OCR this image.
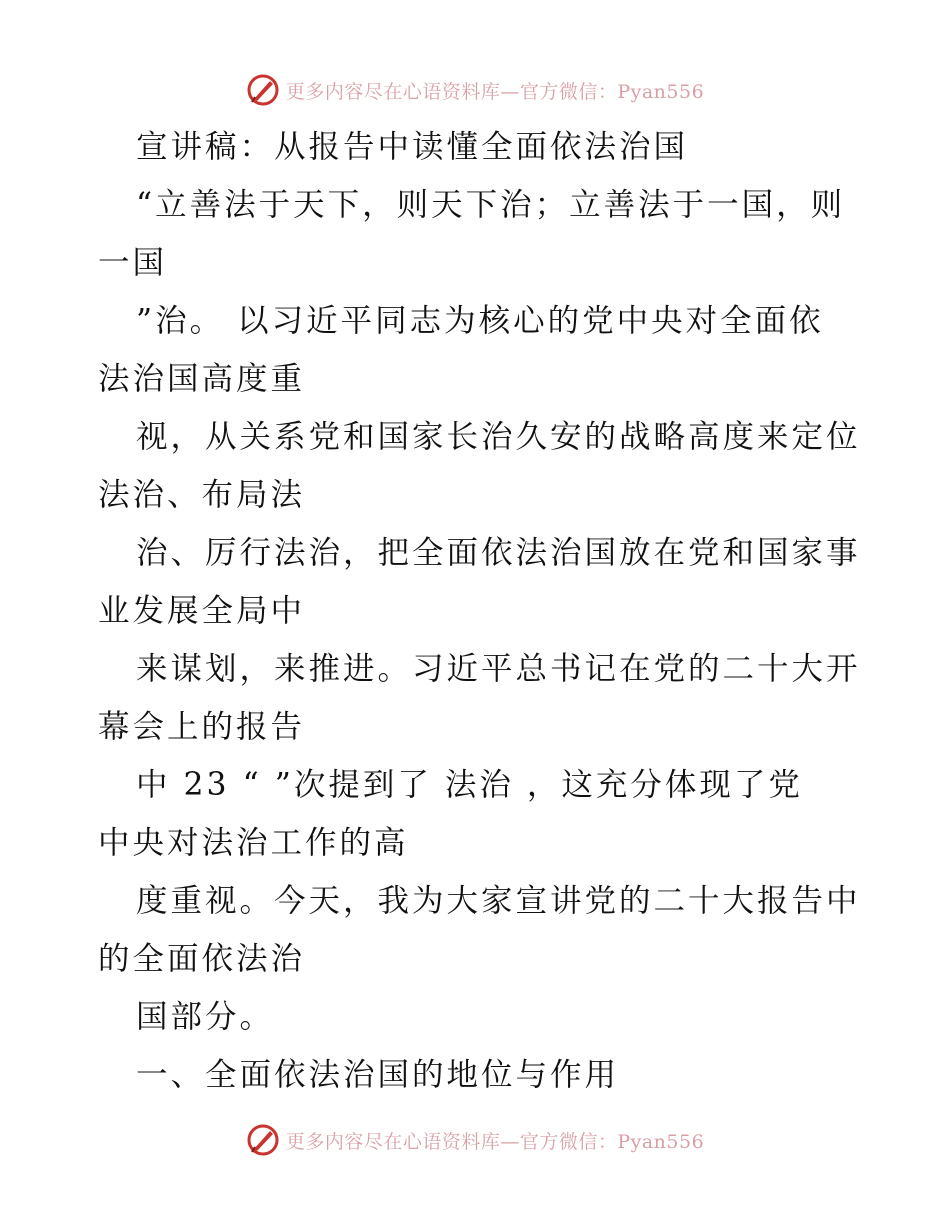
更多内容尽在心语资料库—官方微信：Pyan556
宣讲稿：从报告中读懂全面依法治国
“立善法于天下，则天下治；立善法于一国，则
一国
”治。 以习近平同志为核心的党中央对全面依
法治国高度重
视，从关系党和国家长治久安的战略高度来定位
法治、布局法
治、厉行法治，把全面依法治国放在党和国家事
业发展全局中
来谋划，来推进。习近平总书记在党的二十大开
幕会上的报告
中 23 “ ”次提到了 法治 ，这充分体现了党
中央对法治工作的高
度重视。今天，我为大家宣讲党的二十大报告中
的全面依法治
国部分。
一、全面依法治国的地位与作用
更多内容尽在心语资料库—官方微信：Pyan556
